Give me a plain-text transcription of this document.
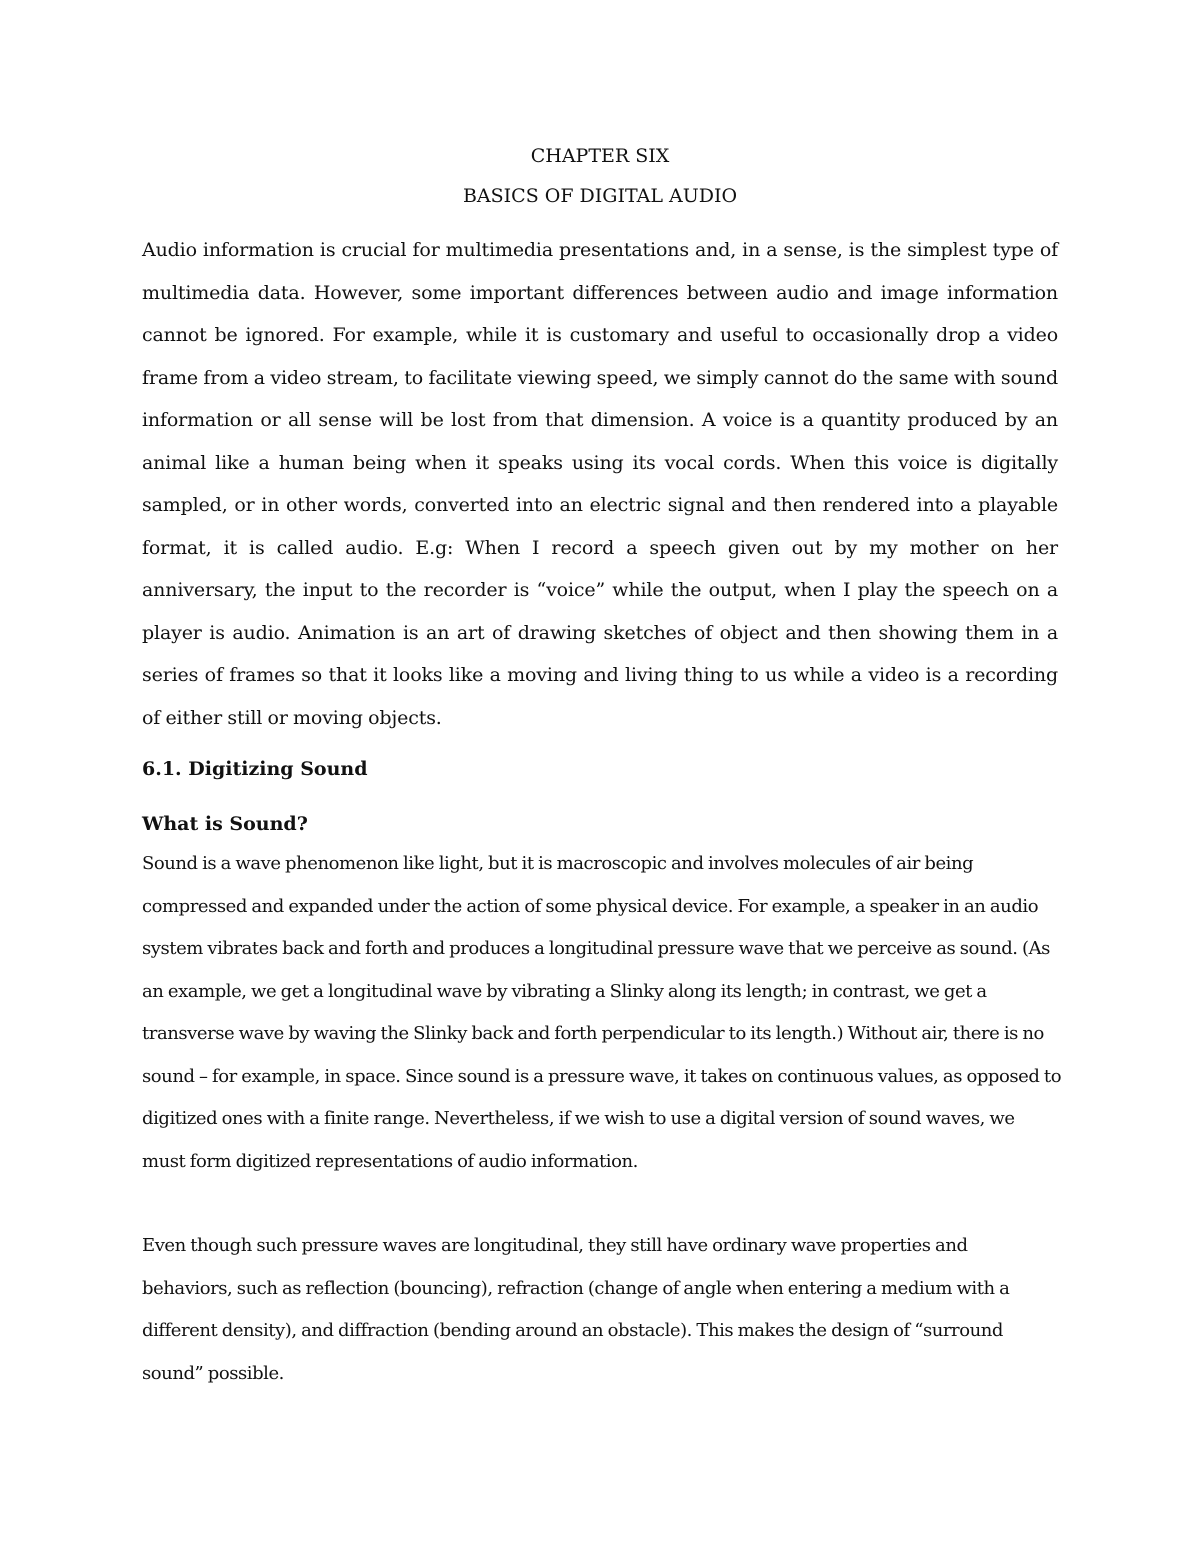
CHAPTER SIX
BASICS OF DIGITAL AUDIO

Audio information is crucial for multimedia presentations and, in a sense, is the simplest type of multimedia data. However, some important differences between audio and image information cannot be ignored. For example, while it is customary and useful to occasionally drop a video frame from a video stream, to facilitate viewing speed, we simply cannot do the same with sound information or all sense will be lost from that dimension. A voice is a quantity produced by an animal like a human being when it speaks using its vocal cords. When this voice is digitally sampled, or in other words, converted into an electric signal and then rendered into a playable format, it is called audio. E.g: When I record a speech given out by my mother on her anniversary, the input to the recorder is “voice” while the output, when I play the speech on a player is audio. Animation is an art of drawing sketches of object and then showing them in a series of frames so that it looks like a moving and living thing to us while a video is a recording of either still or moving objects.

6.1. Digitizing Sound
What is Sound?

Sound is a wave phenomenon like light, but it is macroscopic and involves molecules of air being compressed and expanded under the action of some physical device. For example, a speaker in an audio system vibrates back and forth and produces a longitudinal pressure wave that we perceive as sound. (As an example, we get a longitudinal wave by vibrating a Slinky along its length; in contrast, we get a transverse wave by waving the Slinky back and forth perpendicular to its length.) Without air, there is no sound – for example, in space. Since sound is a pressure wave, it takes on continuous values, as opposed to digitized ones with a finite range. Nevertheless, if we wish to use a digital version of sound waves, we must form digitized representations of audio information.

Even though such pressure waves are longitudinal, they still have ordinary wave properties and behaviors, such as reflection (bouncing), refraction (change of angle when entering a medium with a different density), and diffraction (bending around an obstacle). This makes the design of “surround sound” possible.
